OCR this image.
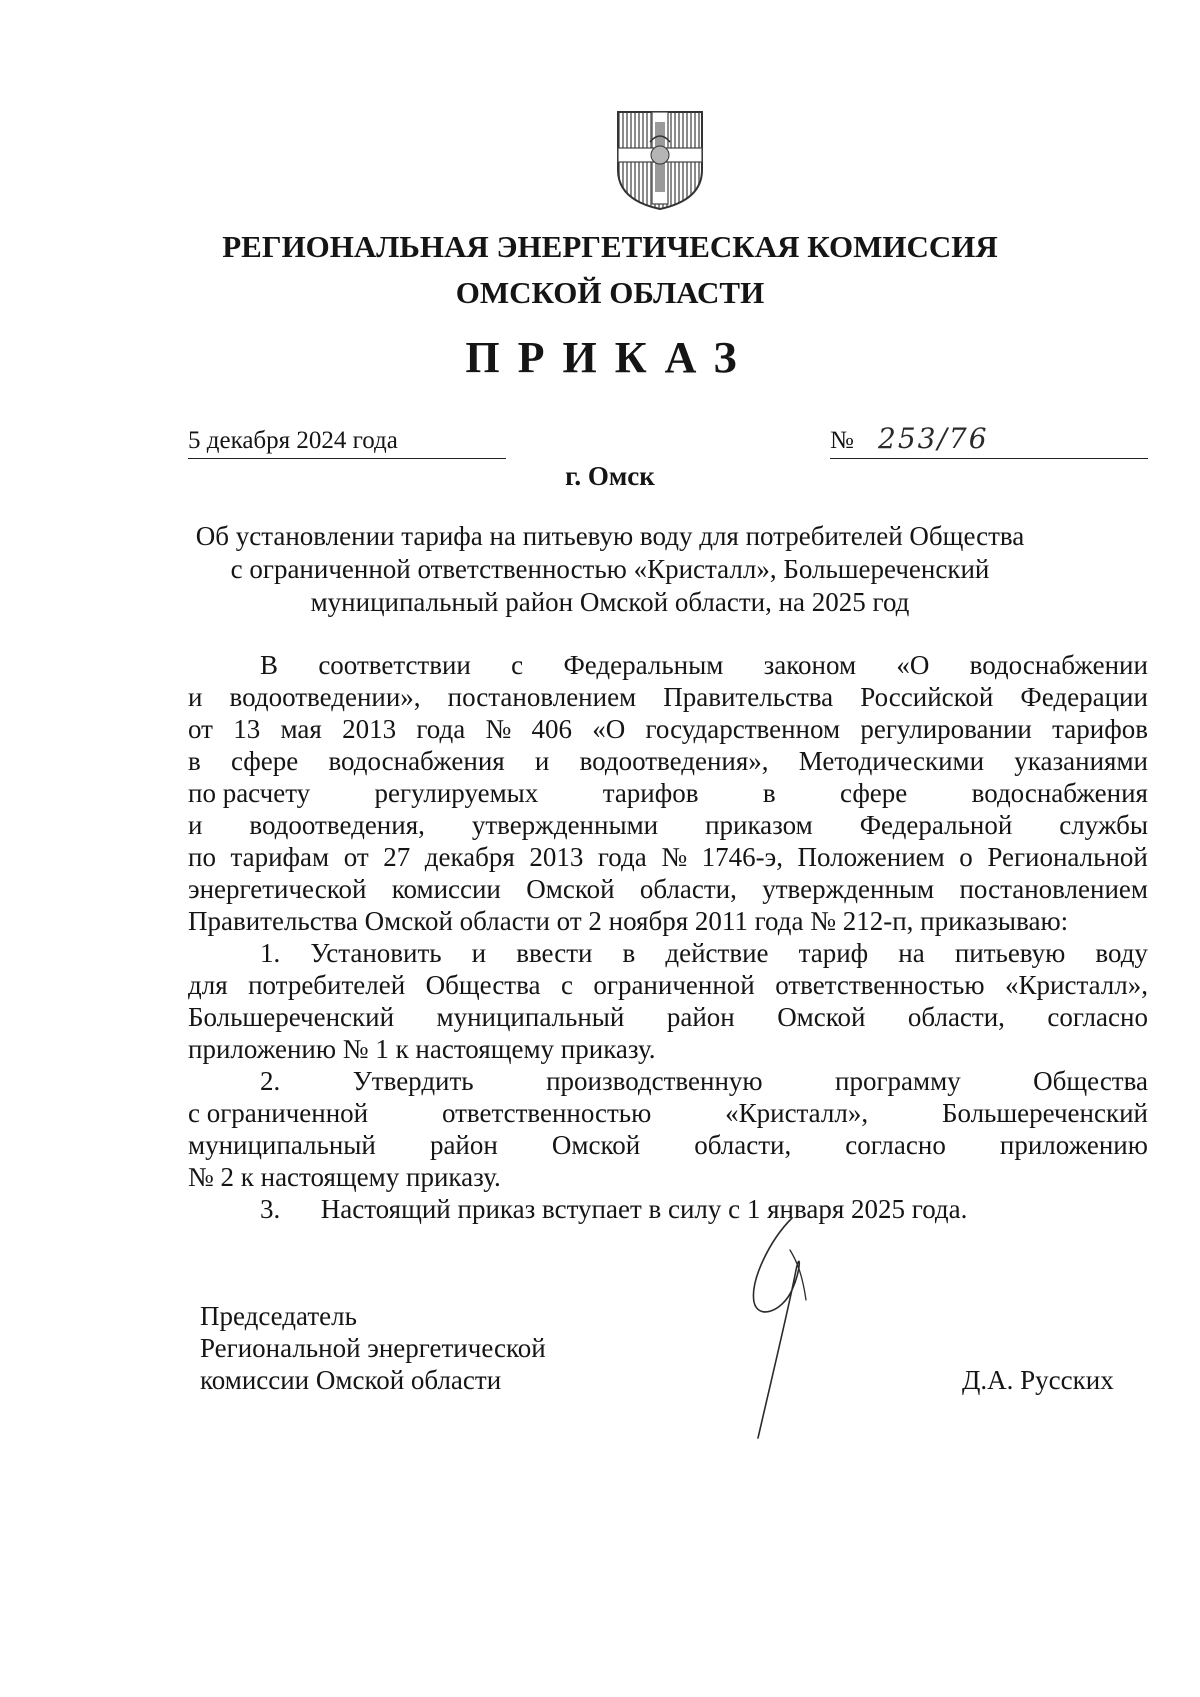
РЕГИОНАЛЬНАЯ ЭНЕРГЕТИЧЕСКАЯ КОМИССИЯ
ОМСКОЙ ОБЛАСТИ
ПРИКАЗ
5 декабря 2024 года	№ 253/76
г. Омск
Об установлении тарифа на питьевую воду для потребителей Общества
с ограниченной ответственностью «Кристалл», Большереченский
муниципальный район Омской области, на 2025 год
В соответствии с Федеральным законом «О водоснабжении
и водоотведении», постановлением Правительства Российской Федерации
от 13 мая 2013 года № 406 «О государственном регулировании тарифов
в сфере водоснабжения и водоотведения», Методическими указаниями
по расчету регулируемых тарифов в сфере водоснабжения
и водоотведения, утвержденными приказом Федеральной службы
по тарифам от 27 декабря 2013 года № 1746-э, Положением о Региональной
энергетической комиссии Омской области, утвержденным постановлением
Правительства Омской области от 2 ноября 2011 года № 212-п, приказываю:
1. Установить и ввести в действие тариф на питьевую воду
для потребителей Общества с ограниченной ответственностью «Кристалл»,
Большереченский муниципальный район Омской области, согласно
приложению № 1 к настоящему приказу.
2.	Утвердить	производственную	программу	Общества
с ограниченной	ответственностью	«Кристалл»,	Большереченский
муниципальный район Омской области, согласно приложению
№ 2 к настоящему приказу.
3.      Настоящий приказ вступает в силу с 1 января 2025 года.
Председатель
Региональной энергетической
комиссии Омской области	Д.А. Русских
